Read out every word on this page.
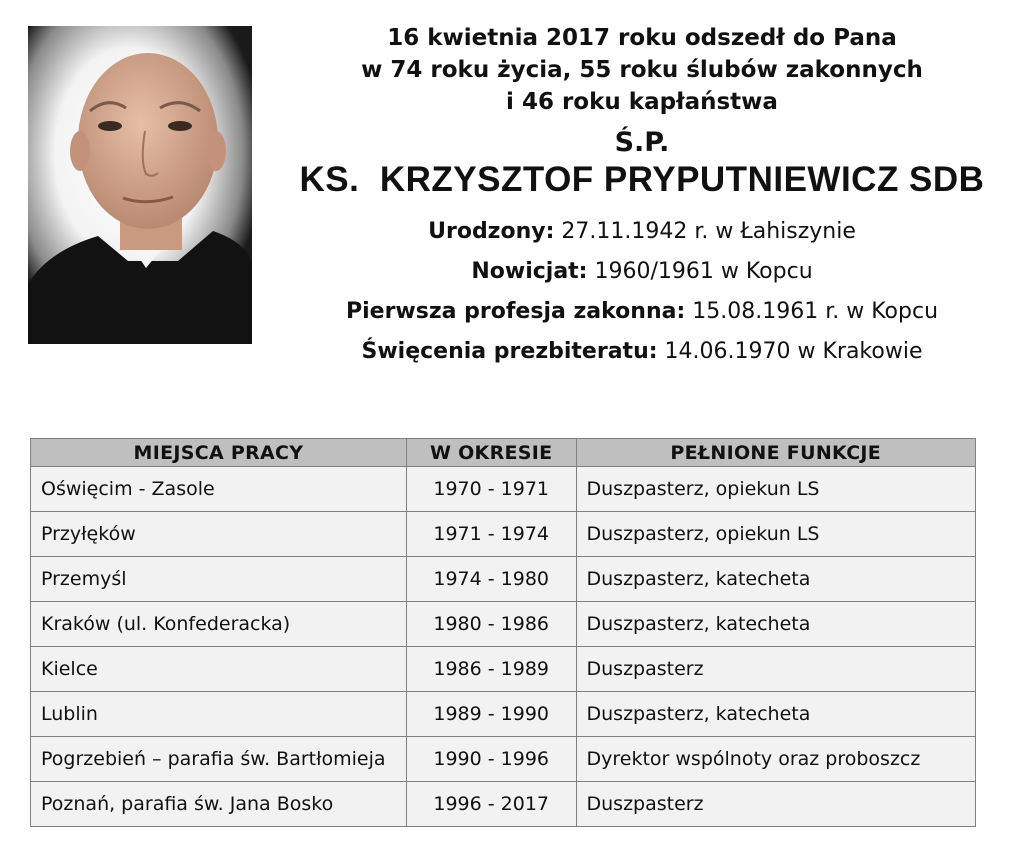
16 kwietnia 2017 roku odszedł do Pana
w 74 roku życia, 55 roku ślubów zakonnych
i 46 roku kapłaństwa
Ś.P.
KS.  KRZYSZTOF PRYPUTNIEWICZ SDB
Urodzony: 27.11.1942 r. w Łahiszynie
Nowicjat: 1960/1961 w Kopcu
Pierwsza profesja zakonna: 15.08.1961 r. w Kopcu
Święcenia prezbiteratu: 14.06.1970 w Krakowie
MIEJSCA PRACY	W OKRESIE	PEŁNIONE FUNKCJE
Oświęcim - Zasole	1970 - 1971	Duszpasterz, opiekun LS
Przyłęków	1971 - 1974	Duszpasterz, opiekun LS
Przemyśl	1974 - 1980	Duszpasterz, katecheta
Kraków (ul. Konfederacka)	1980 - 1986	Duszpasterz, katecheta
Kielce	1986 - 1989	Duszpasterz
Lublin	1989 - 1990	Duszpasterz, katecheta
Pogrzebień – parafia św. Bartłomieja	1990 - 1996	Dyrektor wspólnoty oraz proboszcz
Poznań, parafia św. Jana Bosko	1996 - 2017	Duszpasterz
